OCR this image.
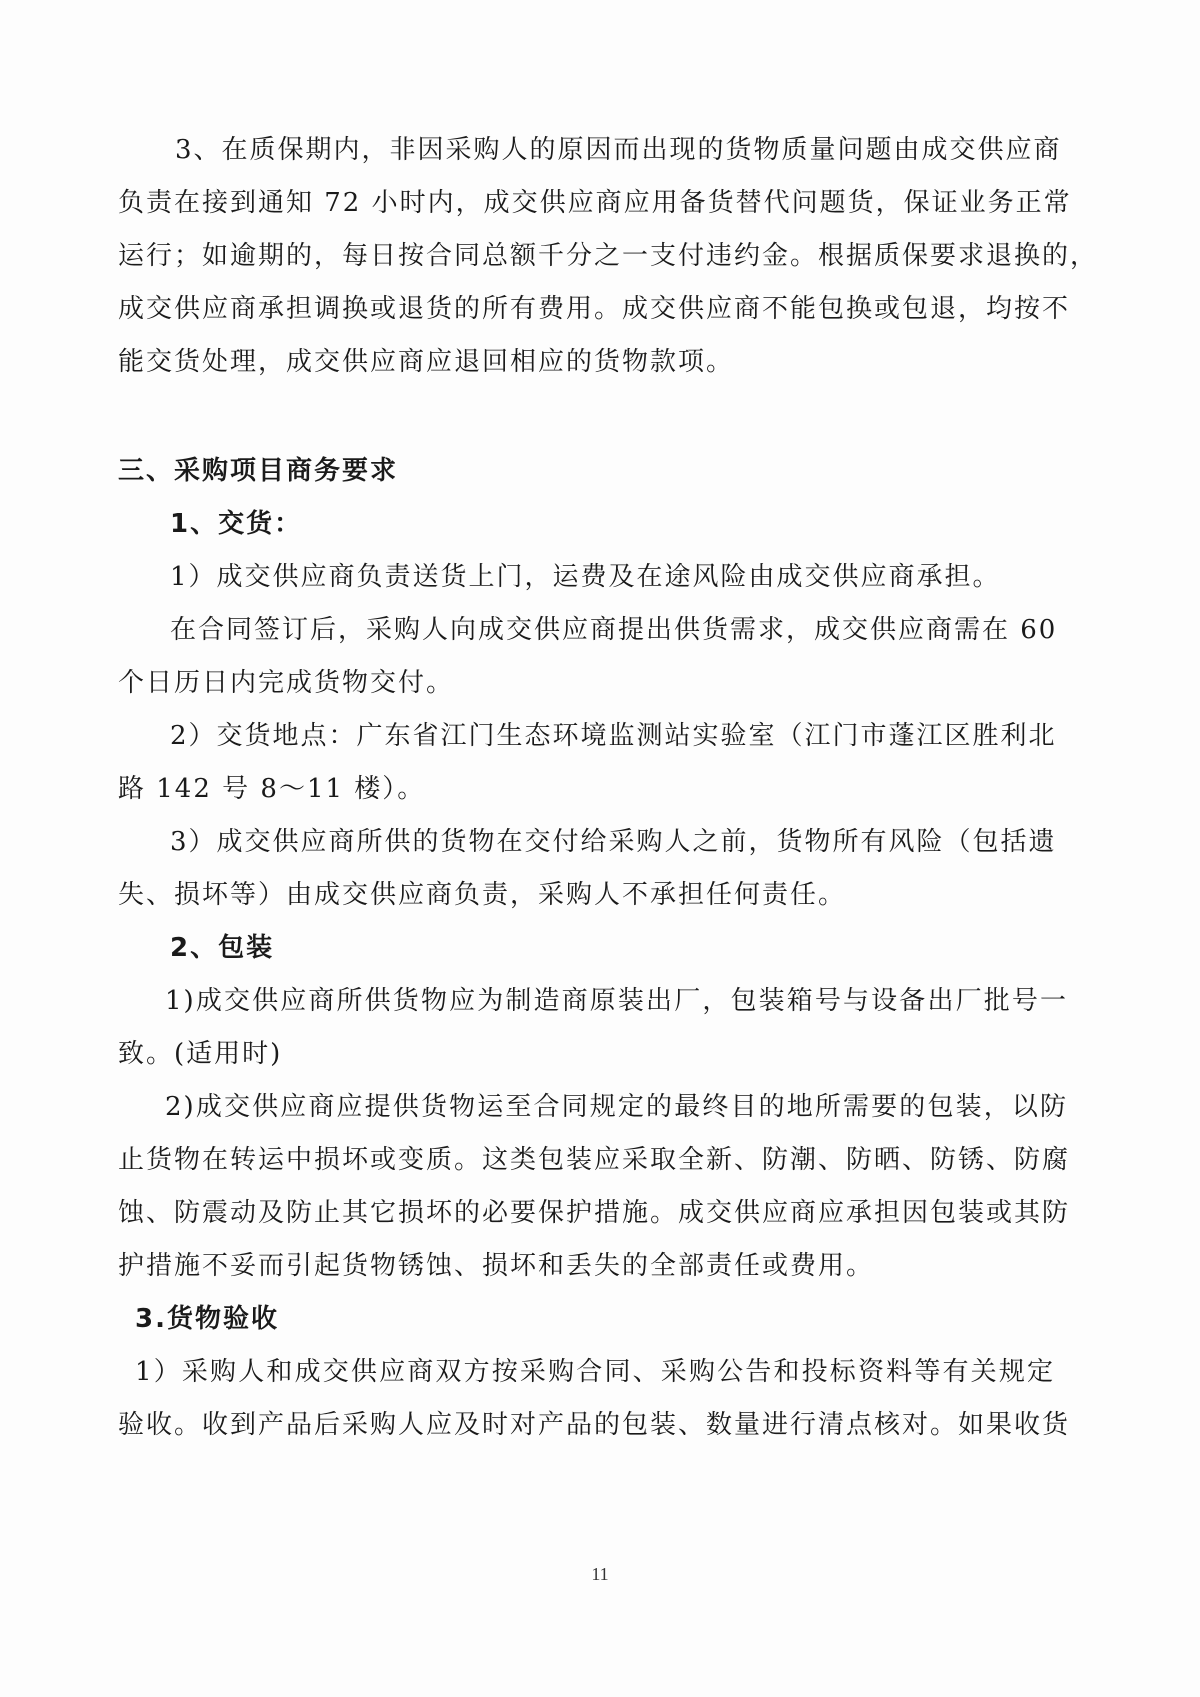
3、在质保期内，非因采购人的原因而出现的货物质量问题由成交供应商
负责在接到通知 72 小时内，成交供应商应用备货替代问题货，保证业务正常
运行；如逾期的，每日按合同总额千分之一支付违约金。根据质保要求退换的，
成交供应商承担调换或退货的所有费用。成交供应商不能包换或包退，均按不
能交货处理，成交供应商应退回相应的货物款项。
三、采购项目商务要求
1、交货：
1）成交供应商负责送货上门，运费及在途风险由成交供应商承担。
在合同签订后，采购人向成交供应商提出供货需求，成交供应商需在 60
个日历日内完成货物交付。
2）交货地点：广东省江门生态环境监测站实验室（江门市蓬江区胜利北
路 142 号 8～11 楼）。
3）成交供应商所供的货物在交付给采购人之前，货物所有风险（包括遗
失、损坏等）由成交供应商负责，采购人不承担任何责任。
2、包装
1)成交供应商所供货物应为制造商原装出厂，包装箱号与设备出厂批号一
致。(适用时)
2)成交供应商应提供货物运至合同规定的最终目的地所需要的包装，以防
止货物在转运中损坏或变质。这类包装应采取全新、防潮、防晒、防锈、防腐
蚀、防震动及防止其它损坏的必要保护措施。成交供应商应承担因包装或其防
护措施不妥而引起货物锈蚀、损坏和丢失的全部责任或费用。
3.货物验收
1）采购人和成交供应商双方按采购合同、采购公告和投标资料等有关规定
验收。收到产品后采购人应及时对产品的包装、数量进行清点核对。如果收货
11
